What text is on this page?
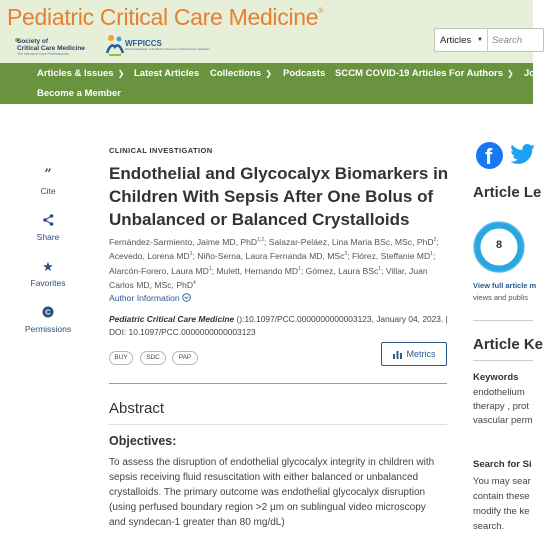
Pediatric Critical Care Medicine®
Society of
Critical Care Medicine
The Intensive Care Professionals
WFPICCS
World Federation of Pediatric Intensive & Critical Care Societies
Articles ▼ Search
Articles & Issues ❯ Latest Articles Collections ❯ Podcasts SCCM COVID-19 Articles For Authors ❯ Jo
Become a Member
”
Cite
Share
★
Favorites
C
Permissions
CLINICAL INVESTIGATION
Endothelial and Glycocalyx Biomarkers in Children With Sepsis After One Bolus of Unbalanced or Balanced Crystalloids
Fernández-Sarmiento, Jaime MD, PhD$^{1,2}$; Salazar-Peláez, Lina Maria BSc, MSc, PhD$^2$; Acevedo, Lorena $MD^1$; Niño-Serna, Laura Fernanda MD, MSc$^3$; Flórez, Steffanie $MD^1$; Alarcón-Forero, Laura $MD^1$; Mulett, Hernando $MD^1$; Gómez, Laura BSc$^1$; Villar, Juan Carlos MD, MSc, PhD$^4$
Author Information
Pediatric Critical Care Medicine ():10.1097/PCC.0000000000003123, January 04, 2023. |
DOI: 10.1097/PCC.0000000000003123
BUY	SDC	PAP	Metrics
Abstract
Objectives:
To assess the disruption of endothelial glycocalyx integrity in children with sepsis receiving fluid resuscitation with either balanced or unbalanced crystalloids. The primary outcome was endothelial glycocalyx disruption (using perfused boundary region >2 µm on sublingual video microscopy and syndecan-1 greater than 80 mg/dL)
f
Article Le
8
View full article m
views and publis
Article Ke
Keywords
endothelium
therapy , prot
vascular perm
Search for Si
You may sear
contain these
modify the ke
search.
